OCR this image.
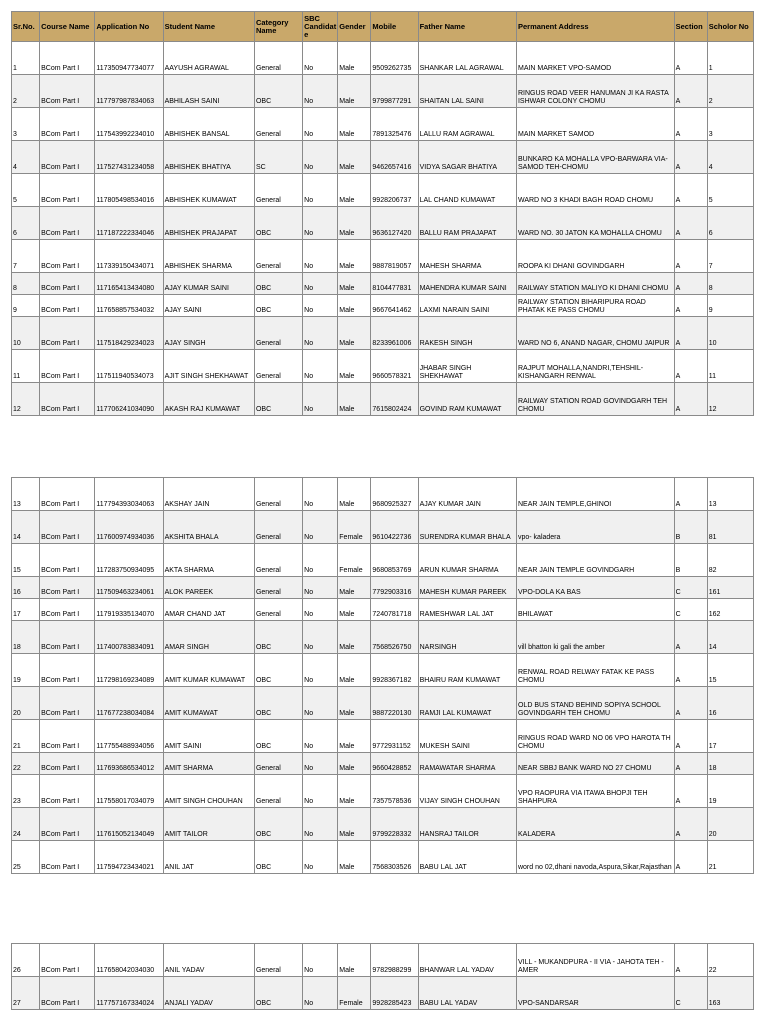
Sr.No.	Course Name	Application No	Student Name	Category Name	SBC Candidate	Gender	Mobile	Father Name	Permanent Address	Section	Scholor No
1	BCom Part I	117350947734077	AAYUSH AGRAWAL	General	No	Male	9509262735	SHANKAR LAL AGRAWAL	MAIN MARKET VPO-SAMOD	A	1
2	BCom Part I	117797987834063	ABHILASH SAINI	OBC	No	Male	9799877291	SHAITAN LAL SAINI	RINGUS ROAD VEER HANUMAN JI KA RASTA ISHWAR COLONY CHOMU	A	2
3	BCom Part I	117543992234010	ABHISHEK BANSAL	General	No	Male	7891325476	LALLU RAM AGRAWAL	MAIN MARKET SAMOD	A	3
4	BCom Part I	117527431234058	ABHISHEK BHATIYA	SC	No	Male	9462657416	VIDYA SAGAR BHATIYA	BUNKARO KA MOHALLA VPO-BARWARA VIA-SAMOD TEH-CHOMU	A	4
5	BCom Part I	117805498534016	ABHISHEK KUMAWAT	General	No	Male	9928206737	LAL CHAND KUMAWAT	WARD NO 3 KHADI BAGH ROAD CHOMU	A	5
6	BCom Part I	117187222334046	ABHISHEK PRAJAPAT	OBC	No	Male	9636127420	BALLU RAM PRAJAPAT	WARD NO. 30 JATON KA MOHALLA CHOMU	A	6
7	BCom Part I	117339150434071	ABHISHEK SHARMA	General	No	Male	9887819057	MAHESH SHARMA	ROOPA KI DHANI GOVINDGARH	A	7
8	BCom Part I	117165413434080	AJAY KUMAR SAINI	OBC	No	Male	8104477831	MAHENDRA KUMAR SAINI	RAILWAY STATION MALIYO KI DHANI CHOMU	A	8
9	BCom Part I	117658857534032	AJAY SAINI	OBC	No	Male	9667641462	LAXMI NARAIN SAINI	RAILWAY STATION BIHARIPURA ROAD PHATAK KE PASS CHOMU	A	9
10	BCom Part I	117518429234023	AJAY SINGH	General	No	Male	8233961006	RAKESH SINGH	WARD NO 6, ANAND NAGAR, CHOMU JAIPUR	A	10
11	BCom Part I	117511940534073	AJIT SINGH SHEKHAWAT	General	No	Male	9660578321	JHABAR SINGH SHEKHAWAT	RAJPUT MOHALLA,NANDRI,TEHSHIL-KISHANGARH RENWAL	A	11
12	BCom Part I	117706241034090	AKASH RAJ KUMAWAT	OBC	No	Male	7615802424	GOVIND RAM KUMAWAT	RAILWAY STATION ROAD GOVINDGARH TEH CHOMU	A	12
13	BCom Part I	117794393034063	AKSHAY JAIN	General	No	Male	9680925327	AJAY KUMAR JAIN	NEAR JAIN TEMPLE,GHINOI	A	13
14	BCom Part I	117600974934036	AKSHITA BHALA	General	No	Female	9610422736	SURENDRA KUMAR BHALA	vpo- kaladera	B	81
15	BCom Part I	117283750934095	AKTA SHARMA	General	No	Female	9680853769	ARUN KUMAR SHARMA	NEAR JAIN TEMPLE GOVINDGARH	B	82
16	BCom Part I	117509463234061	ALOK PAREEK	General	No	Male	7792903316	MAHESH KUMAR PAREEK	VPO-DOLA KA BAS	C	161
17	BCom Part I	117919335134070	AMAR CHAND JAT	General	No	Male	7240781718	RAMESHWAR LAL JAT	BHILAWAT	C	162
18	BCom Part I	117400783834091	AMAR SINGH	OBC	No	Male	7568526750	NARSINGH	vill bhatton ki gali the amber	A	14
19	BCom Part I	117298169234089	AMIT KUMAR KUMAWAT	OBC	No	Male	9928367182	BHAIRU RAM KUMAWAT	RENWAL ROAD RELWAY FATAK KE PASS CHOMU	A	15
20	BCom Part I	117677238034084	AMIT KUMAWAT	OBC	No	Male	9887220130	RAMJI LAL KUMAWAT	OLD BUS STAND BEHIND SOPIYA SCHOOL GOVINDGARH TEH CHOMU	A	16
21	BCom Part I	117755488934056	AMIT SAINI	OBC	No	Male	9772931152	MUKESH SAINI	RINGUS ROAD WARD NO 06 VPO HAROTA TH CHOMU	A	17
22	BCom Part I	117693686534012	AMIT SHARMA	General	No	Male	9660428852	RAMAWATAR SHARMA	NEAR SBBJ BANK WARD NO 27 CHOMU	A	18
23	BCom Part I	117558017034079	AMIT SINGH CHOUHAN	General	No	Male	7357578536	VIJAY SINGH CHOUHAN	VPO RAOPURA VIA ITAWA BHOPJI TEH SHAHPURA	A	19
24	BCom Part I	117615052134049	AMIT TAILOR	OBC	No	Male	9799228332	HANSRAJ TAILOR	KALADERA	A	20
25	BCom Part I	117594723434021	ANIL JAT	OBC	No	Male	7568303526	BABU LAL JAT	word no 02,dhani navoda,Aspura,Sikar,Rajasthan	A	21
26	BCom Part I	117658042034030	ANIL YADAV	General	No	Male	9782988299	BHANWAR LAL YADAV	VILL - MUKANDPURA - II VIA - JAHOTA TEH - AMER	A	22
27	BCom Part I	117757167334024	ANJALI YADAV	OBC	No	Female	9928285423	BABU LAL YADAV	VPO-SANDARSAR	C	163
